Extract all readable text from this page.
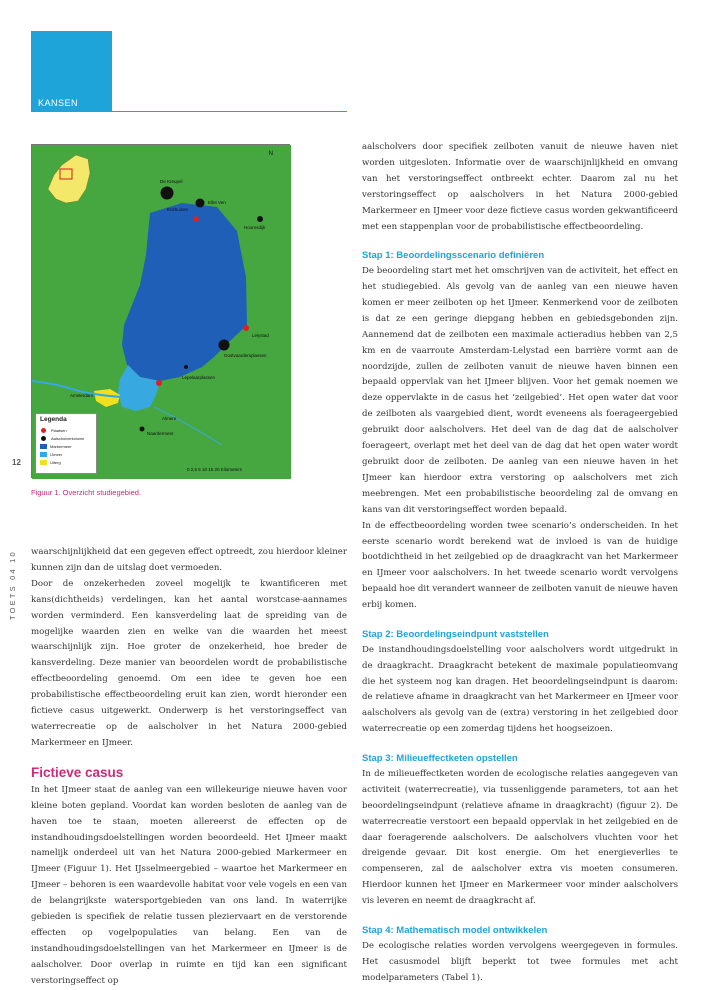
KANSEN
12
TOETS 04 10
N
De Kreupel
Enkhuizen
Ellet Ven
Hoornsdijk
Lelystad
Oostvaardersplassen
Lepelaarplassen
Almere
Amsterdam
Naardermeer
Legenda
Plaatsen
Aalscholverkolonie
Markermeer
IJmeer
Uiterg
0 2,5 5 10 15 20 Kilometers
Figuur 1. Overzicht studiegebied.

waarschijnlijkheid dat een gegeven effect optreedt, zou hierdoor kleiner kunnen zijn dan de uitslag doet vermoeden.

Door de onzekerheden zoveel mogelijk te kwantificeren met kans(dichtheids) verdelingen, kan het aantal worstcase-aannames worden verminderd. Een kansverdeling laat de spreiding van de mogelijke waarden zien en welke van die waarden het meest waarschijnlijk zijn. Hoe groter de onzekerheid, hoe breder de kansverdeling. Deze manier van beoordelen wordt de probabilistische effectbeoordeling genoemd. Om een idee te geven hoe een probabilistische effectbeoordeling eruit kan zien, wordt hieronder een fictieve casus uitgewerkt. Onderwerp is het verstoringseffect van waterrecreatie op de aalscholver in het Natura 2000-gebied Markermeer en IJmeer.

Fictieve casus

In het IJmeer staat de aanleg van een willekeurige nieuwe haven voor kleine boten gepland. Voordat kan worden besloten de aanleg van de haven toe te staan, moeten allereerst de effecten op de instandhoudingsdoelstellingen worden beoordeeld. Het IJmeer maakt namelijk onderdeel uit van het Natura 2000-gebied Markermeer en IJmeer (Figuur 1). Het IJsselmeergebied – waartoe het Markermeer en IJmeer – behoren is een waardevolle habitat voor vele vogels en een van de belangrijkste watersportgebieden van ons land. In waterrijke gebieden is specifiek de relatie tussen pleziervaart en de verstorende effecten op vogelpopulaties van belang. Een van de instandhoudingsdoelstellingen van het Markermeer en IJmeer is de aalscholver. Door overlap in ruimte en tijd kan een significant verstoringseffect op

aalscholvers door specifiek zeilboten vanuit de nieuwe haven niet worden uitgesloten. Informatie over de waarschijnlijkheid en omvang van het verstoringseffect ontbreekt echter. Daarom zal nu het verstoringseffect op aalscholvers in het Natura 2000-gebied Markermeer en IJmeer voor deze fictieve casus worden gekwantificeerd met een stappenplan voor de probabilistische effectbeoordeling.

Stap 1: Beoordelingsscenario definiëren

De beoordeling start met het omschrijven van de activiteit, het effect en het studiegebied. Als gevolg van de aanleg van een nieuwe haven komen er meer zeilboten op het IJmeer. Kenmerkend voor de zeilboten is dat ze een geringe diepgang hebben en gebiedsgebonden zijn. Aannemend dat de zeilboten een maximale actieradius hebben van 2,5 km en de vaarroute Amsterdam-Lelystad een barrière vormt aan de noordzijde, zullen de zeilboten vanuit de nieuwe haven binnen een bepaald oppervlak van het IJmeer blijven. Voor het gemak noemen we deze oppervlakte in de casus het ‘zeilgebied’. Het open water dat voor de zeilboten als vaargebied dient, wordt eveneens als foerageergebied gebruikt door aalscholvers. Het deel van de dag dat de aalscholver foerageert, overlapt met het deel van de dag dat het open water wordt gebruikt door de zeilboten. De aanleg van een nieuwe haven in het IJmeer kan hierdoor extra verstoring op aalscholvers met zich meebrengen. Met een probabilistische beoordeling zal de omvang en kans van dit verstoringseffect worden bepaald.

In de effectbeoordeling worden twee scenario’s onderscheiden. In het eerste scenario wordt berekend wat de invloed is van de huidige bootdichtheid in het zeilgebied op de draagkracht van het Markermeer en IJmeer voor aalscholvers. In het tweede scenario wordt vervolgens bepaald hoe dit verandert wanneer de zeilboten vanuit de nieuwe haven erbij komen.

Stap 2: Beoordelingseindpunt vaststellen

De instandhoudingsdoelstelling voor aalscholvers wordt uitgedrukt in de draagkracht. Draagkracht betekent de maximale populatieomvang die het systeem nog kan dragen. Het beoordelingseindpunt is daarom: de relatieve afname in draagkracht van het Markermeer en IJmeer voor aalscholvers als gevolg van de (extra) verstoring in het zeilgebied door waterrecreatie op een zomerdag tijdens het hoogseizoen.

Stap 3: Milieueffectketen opstellen

In de milieueffectketen worden de ecologische relaties aangegeven van activiteit (waterrecreatie), via tussenliggende parameters, tot aan het beoordelingseindpunt (relatieve afname in draagkracht) (figuur 2). De waterrecreatie verstoort een bepaald oppervlak in het zeilgebied en de daar foeragerende aalscholvers. De aalscholvers vluchten voor het dreigende gevaar. Dit kost energie. Om het energieverlies te compenseren, zal de aalscholver extra vis moeten consumeren. Hierdoor kunnen het IJmeer en Markermeer voor minder aalscholvers vis leveren en neemt de draagkracht af.

Stap 4: Mathematisch model ontwikkelen

De ecologische relaties worden vervolgens weergegeven in formules. Het casusmodel blijft beperkt tot twee formules met acht modelparameters (Tabel 1).
